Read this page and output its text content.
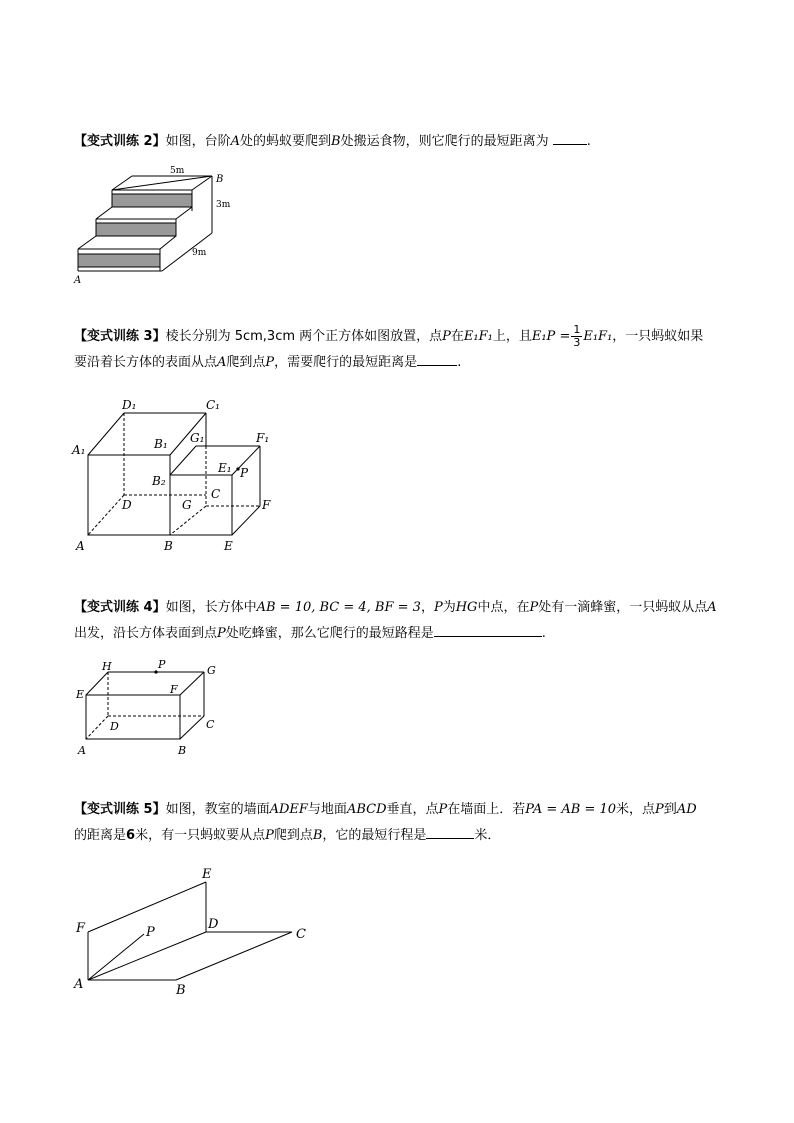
【变式训练 2】如图，台阶A处的蚂蚁要爬到B处搬运食物，则它爬行的最短距离为	.
5m
3m
9m
B
A
【变式训练 3】棱长分别为 5cm,3cm 两个正方体如图放置，点P在E₁F₁上，且$E_1P = \frac{1}{3} E_1F_1$，一只蚂蚁如果
要沿着长方体的表面从点A爬到点P，需要爬行的最短距离是	.
D₁	C₁
A₁	B₁ G₁	F₁
E₁ P
B₂
C
D	G	F
A	B	E
【变式训练 4】如图，长方体中AB = 10, BC = 4, BF = 3，P为HG中点，在P处有一滴蜂蜜，一只蚂蚁从点A
出发，沿长方体表面到点P处吃蜂蜜，那么它爬行的最短路程是	.
H	P	G
E	F
D	C
A	B
【变式训练 5】如图，教室的墙面ADEF与地面ABCD垂直，点P在墙面上．若PA = AB = 10米，点P到AD
的距离是6米，有一只蚂蚁要从点P爬到点B，它的最短行程是	米．
E
F	P
D
C
A	B
